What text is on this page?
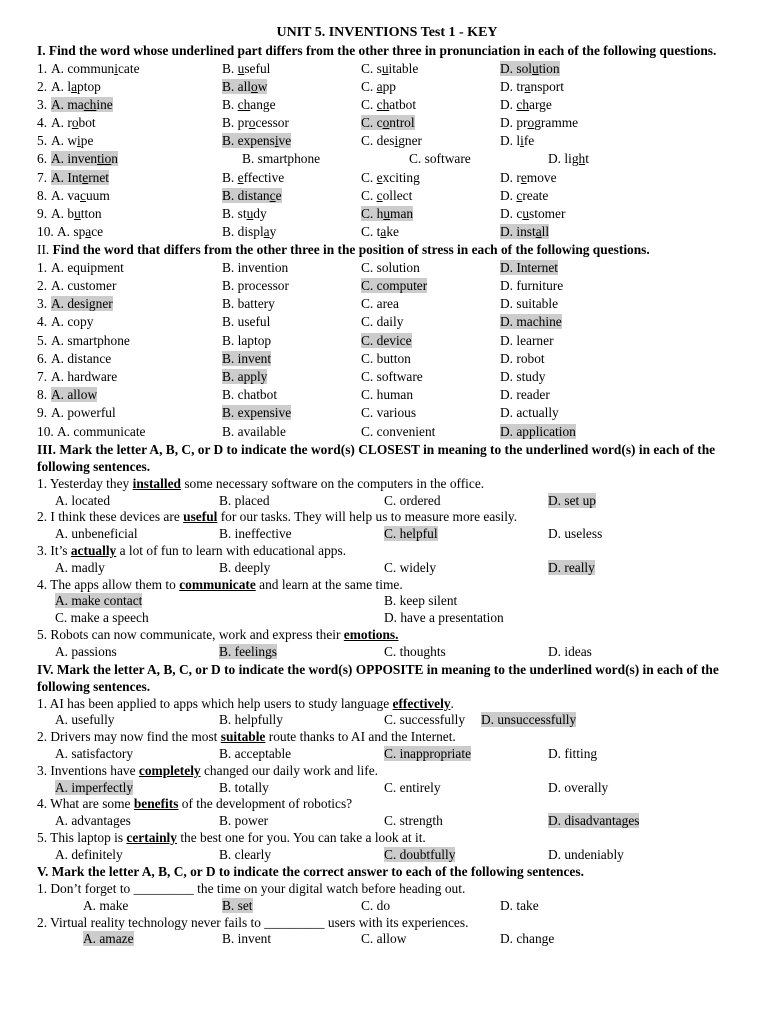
UNIT 5. INVENTIONS Test 1 - KEY
I. Find the word whose underlined part differs from the other three in pronunciation in each of the following questions.
1. A. communicate	B. useful	C. suitable	D. solution
2. A. laptop	B. allow	C. app	D. transport
3. A. machine	B. change	C. chatbot	D. charge
4. A. robot	B. processor	C. control	D. programme
5. A. wipe	B. expensive	C. designer	D. life
6. A. invention	B. smartphone	C. software	D. light
7. A. Internet	B. effective	C. exciting	D. remove
8. A. vacuum	B. distance	C. collect	D. create
9. A. button	B. study	C. human	D. customer
10. A. space	B. display	C. take	D. install
II. Find the word that differs from the other three in the position of stress in each of the following questions.
1. A. equipment	B. invention	C. solution	D. Internet
2. A. customer	B. processor	C. computer	D. furniture
3. A. designer	B. battery	C. area	D. suitable
4. A. copy	B. useful	C. daily	D. machine
5. A. smartphone	B. laptop	C. device	D. learner
6. A. distance	B. invent	C. button	D. robot
7. A. hardware	B. apply	C. software	D. study
8. A. allow	B. chatbot	C. human	D. reader
9. A. powerful	B. expensive	C. various	D. actually
10. A. communicate	B. available	C. convenient	D. application
III. Mark the letter A, B, C, or D to indicate the word(s) CLOSEST in meaning to the underlined word(s) in each of the following sentences.
1. Yesterday they installed some necessary software on the computers in the office.
A. located	B. placed	C. ordered	D. set up
2. I think these devices are useful for our tasks. They will help us to measure more easily.
A. unbeneficial	B. ineffective	C. helpful	D. useless
3. It’s actually a lot of fun to learn with educational apps.
A. madly	B. deeply	C. widely	D. really
4. The apps allow them to communicate and learn at the same time.
A. make contact	B. keep silent
C. make a speech	D. have a presentation
5. Robots can now communicate, work and express their emotions.
A. passions	B. feelings	C. thoughts	D. ideas
IV. Mark the letter A, B, C, or D to indicate the word(s) OPPOSITE in meaning to the underlined word(s) in each of the following sentences.
1. AI has been applied to apps which help users to study language effectively.
A. usefully	B. helpfully	C. successfully D. unsuccessfully
2. Drivers may now find the most suitable route thanks to AI and the Internet.
A. satisfactory	B. acceptable	C. inappropriate	D. fitting
3. Inventions have completely changed our daily work and life.
A. imperfectly	B. totally	C. entirely	D. overally
4. What are some benefits of the development of robotics?
A. advantages	B. power	C. strength	D. disadvantages
5. This laptop is certainly the best one for you. You can take a look at it.
A. definitely	B. clearly	C. doubtfully	D. undeniably
V. Mark the letter A, B, C, or D to indicate the correct answer to each of the following sentences.
1. Don’t forget to _________ the time on your digital watch before heading out.
A. make	B. set	C. do	D. take
2. Virtual reality technology never fails to _________ users with its experiences.
A. amaze	B. invent	C. allow	D. change
